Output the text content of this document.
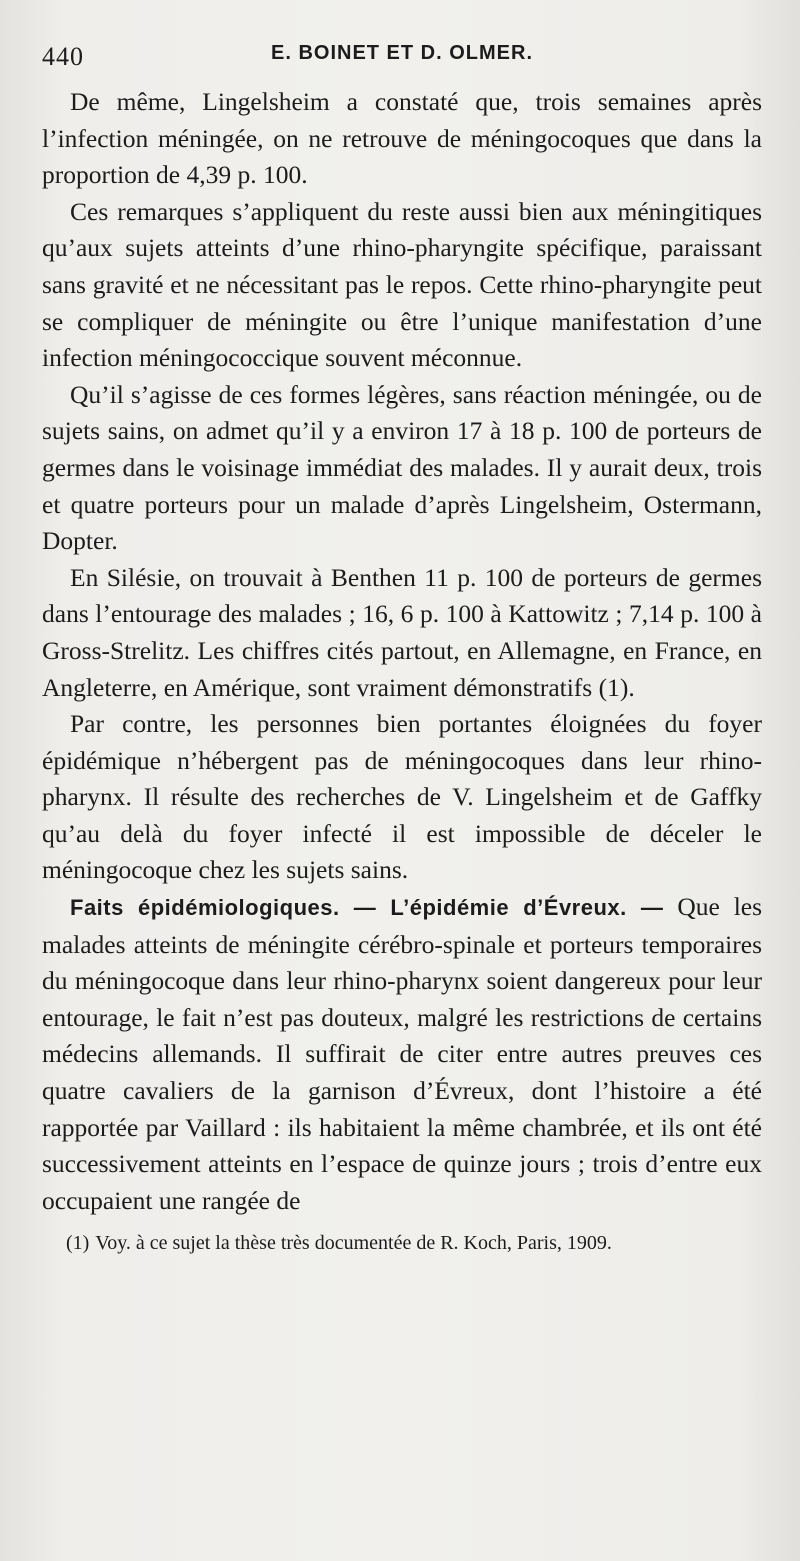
440	E. BOINET ET D. OLMER.

De même, Lingelsheim a constaté que, trois semaines après l’infection méningée, on ne retrouve de méningocoques que dans la proportion de 4,39 p. 100.

Ces remarques s’appliquent du reste aussi bien aux méningitiques qu’aux sujets atteints d’une rhino-pharyngite spécifique, paraissant sans gravité et ne nécessitant pas le repos. Cette rhino-pharyngite peut se compliquer de méningite ou être l’unique manifestation d’une infection méningococcique souvent méconnue.

Qu’il s’agisse de ces formes légères, sans réaction méningée, ou de sujets sains, on admet qu’il y a environ 17 à 18 p. 100 de porteurs de germes dans le voisinage immédiat des malades. Il y aurait deux, trois et quatre porteurs pour un malade d’après Lingelsheim, Ostermann, Dopter.

En Silésie, on trouvait à Benthen 11 p. 100 de porteurs de germes dans l’entourage des malades ; 16, 6 p. 100 à Kattowitz ; 7,14 p. 100 à Gross-Strelitz. Les chiffres cités partout, en Allemagne, en France, en Angleterre, en Amérique, sont vraiment démonstratifs (1).

Par contre, les personnes bien portantes éloignées du foyer épidémique n’hébergent pas de méningocoques dans leur rhino-pharynx. Il résulte des recherches de V. Lingelsheim et de Gaffky qu’au delà du foyer infecté il est impossible de déceler le méningocoque chez les sujets sains.

Faits épidémiologiques. — L’épidémie d’Évreux. — Que les malades atteints de méningite cérébro-spinale et porteurs temporaires du méningocoque dans leur rhino-pharynx soient dangereux pour leur entourage, le fait n’est pas douteux, malgré les restrictions de certains médecins allemands. Il suffirait de citer entre autres preuves ces quatre cavaliers de la garnison d’Évreux, dont l’histoire a été rapportée par Vaillard : ils habitaient la même chambrée, et ils ont été successivement atteints en l’espace de quinze jours ; trois d’entre eux occupaient une rangée de

(1) Voy. à ce sujet la thèse très documentée de R. Koch, Paris, 1909.
